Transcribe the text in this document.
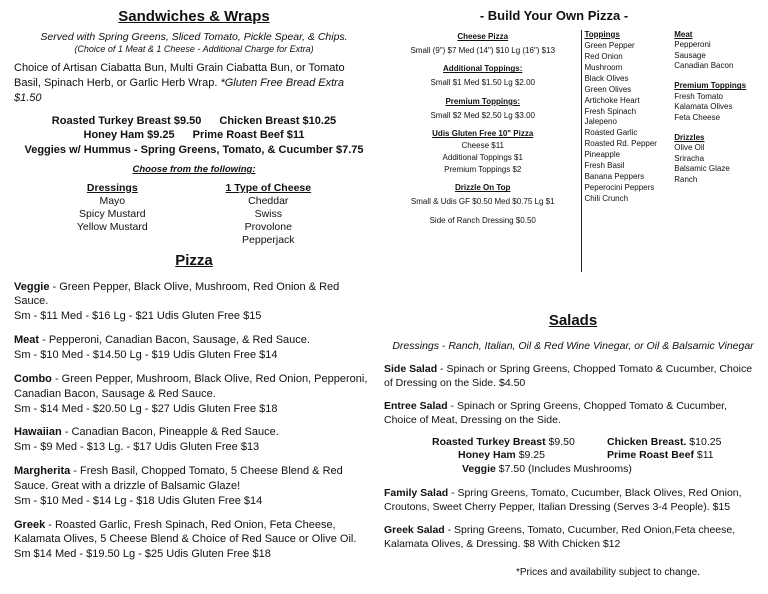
Sandwiches & Wraps
Served with Spring Greens, Sliced Tomato, Pickle Spear, & Chips.
(Choice of 1 Meat & 1 Cheese - Additional Charge for Extra)
Choice of Artisan Ciabatta Bun, Multi Grain Ciabatta Bun, or Tomato Basil, Spinach Herb, or Garlic Herb Wrap. *Gluten Free Bread Extra $1.50
Roasted Turkey Breast $9.50 Chicken Breast $10.25
Honey Ham $9.25 Prime Roast Beef $11
Veggies w/ Hummus - Spring Greens, Tomato, & Cucumber $7.75
Choose from the following:
Dressings
Mayo
Spicy Mustard
Yellow Mustard
1 Type of Cheese
Cheddar
Swiss
Provolone
Pepperjack
Pizza
Veggie - Green Pepper, Black Olive, Mushroom, Red Onion & Red Sauce.
Sm - $11 Med - $16 Lg - $21 Udis Gluten Free $15
Meat - Pepperoni, Canadian Bacon, Sausage, & Red Sauce.
Sm - $10 Med - $14.50 Lg - $19 Udis Gluten Free $14
Combo - Green Pepper, Mushroom, Black Olive, Red Onion, Pepperoni, Canadian Bacon, Sausage & Red Sauce.
Sm - $14 Med - $20.50 Lg - $27 Udis Gluten Free $18
Hawaiian - Canadian Bacon, Pineapple & Red Sauce.
Sm - $9 Med - $13 Lg. - $17 Udis Gluten Free $13
Margherita - Fresh Basil, Chopped Tomato, 5 Cheese Blend & Red Sauce. Great with a drizzle of Balsamic Glaze!
Sm - $10 Med - $14 Lg - $18 Udis Gluten Free $14
Greek - Roasted Garlic, Fresh Spinach, Red Onion, Feta Cheese, Kalamata Olives, 5 Cheese Blend & Choice of Red Sauce or Olive Oil.
Sm $14 Med - $19.50 Lg - $25 Udis Gluten Free $18
- Build Your Own Pizza -
Cheese Pizza
Small (9") $7 Med (14") $10 Lg (16") $13
Additional Toppings:
Small $1 Med $1.50 Lg $2.00
Premium Toppings:
Small $2 Med $2.50 Lg $3.00
Udis Gluten Free 10" Pizza
Cheese $11
Additional Toppings $1
Premium Toppings $2
Drizzle On Top
Small & Udis GF $0.50 Med $0.75 Lg $1
Side of Ranch Dressing $0.50
Toppings
Green Pepper
Red Onion
Mushroom
Black Olives
Green Olives
Artichoke Heart
Fresh Spinach
Jalepeno
Roasted Garlic
Roasted Rd. Pepper
Pineapple
Fresh Basil
Banana Peppers
Peperocini Peppers
Chili Crunch
Meat
Pepperoni
Sausage
Canadian Bacon
Premium Toppings
Fresh Tomato
Kalamata Olives
Feta Cheese
Drizzles
Olive Oil
Sriracha
Balsamic Glaze
Ranch
Salads
Dressings - Ranch, Italian, Oil & Red Wine Vinegar, or Oil & Balsamic Vinegar
Side Salad - Spinach or Spring Greens, Chopped Tomato & Cucumber, Choice of Dressing on the Side. $4.50
Entree Salad - Spinach or Spring Greens, Chopped Tomato & Cucumber, Choice of Meat, Dressing on the Side.
Roasted Turkey Breast $9.50	Chicken Breast. $10.25
Honey Ham $9.25	Prime Roast Beef $11
Veggie $7.50 (Includes Mushrooms)
Family Salad - Spring Greens, Tomato, Cucumber, Black Olives, Red Onion, Croutons, Sweet Cherry Pepper, Italian Dressing (Serves 3-4 People). $15
Greek Salad - Spring Greens, Tomato, Cucumber, Red Onion,Feta cheese, Kalamata Olives, & Dressing. $8 With Chicken $12
*Prices and availability subject to change.
